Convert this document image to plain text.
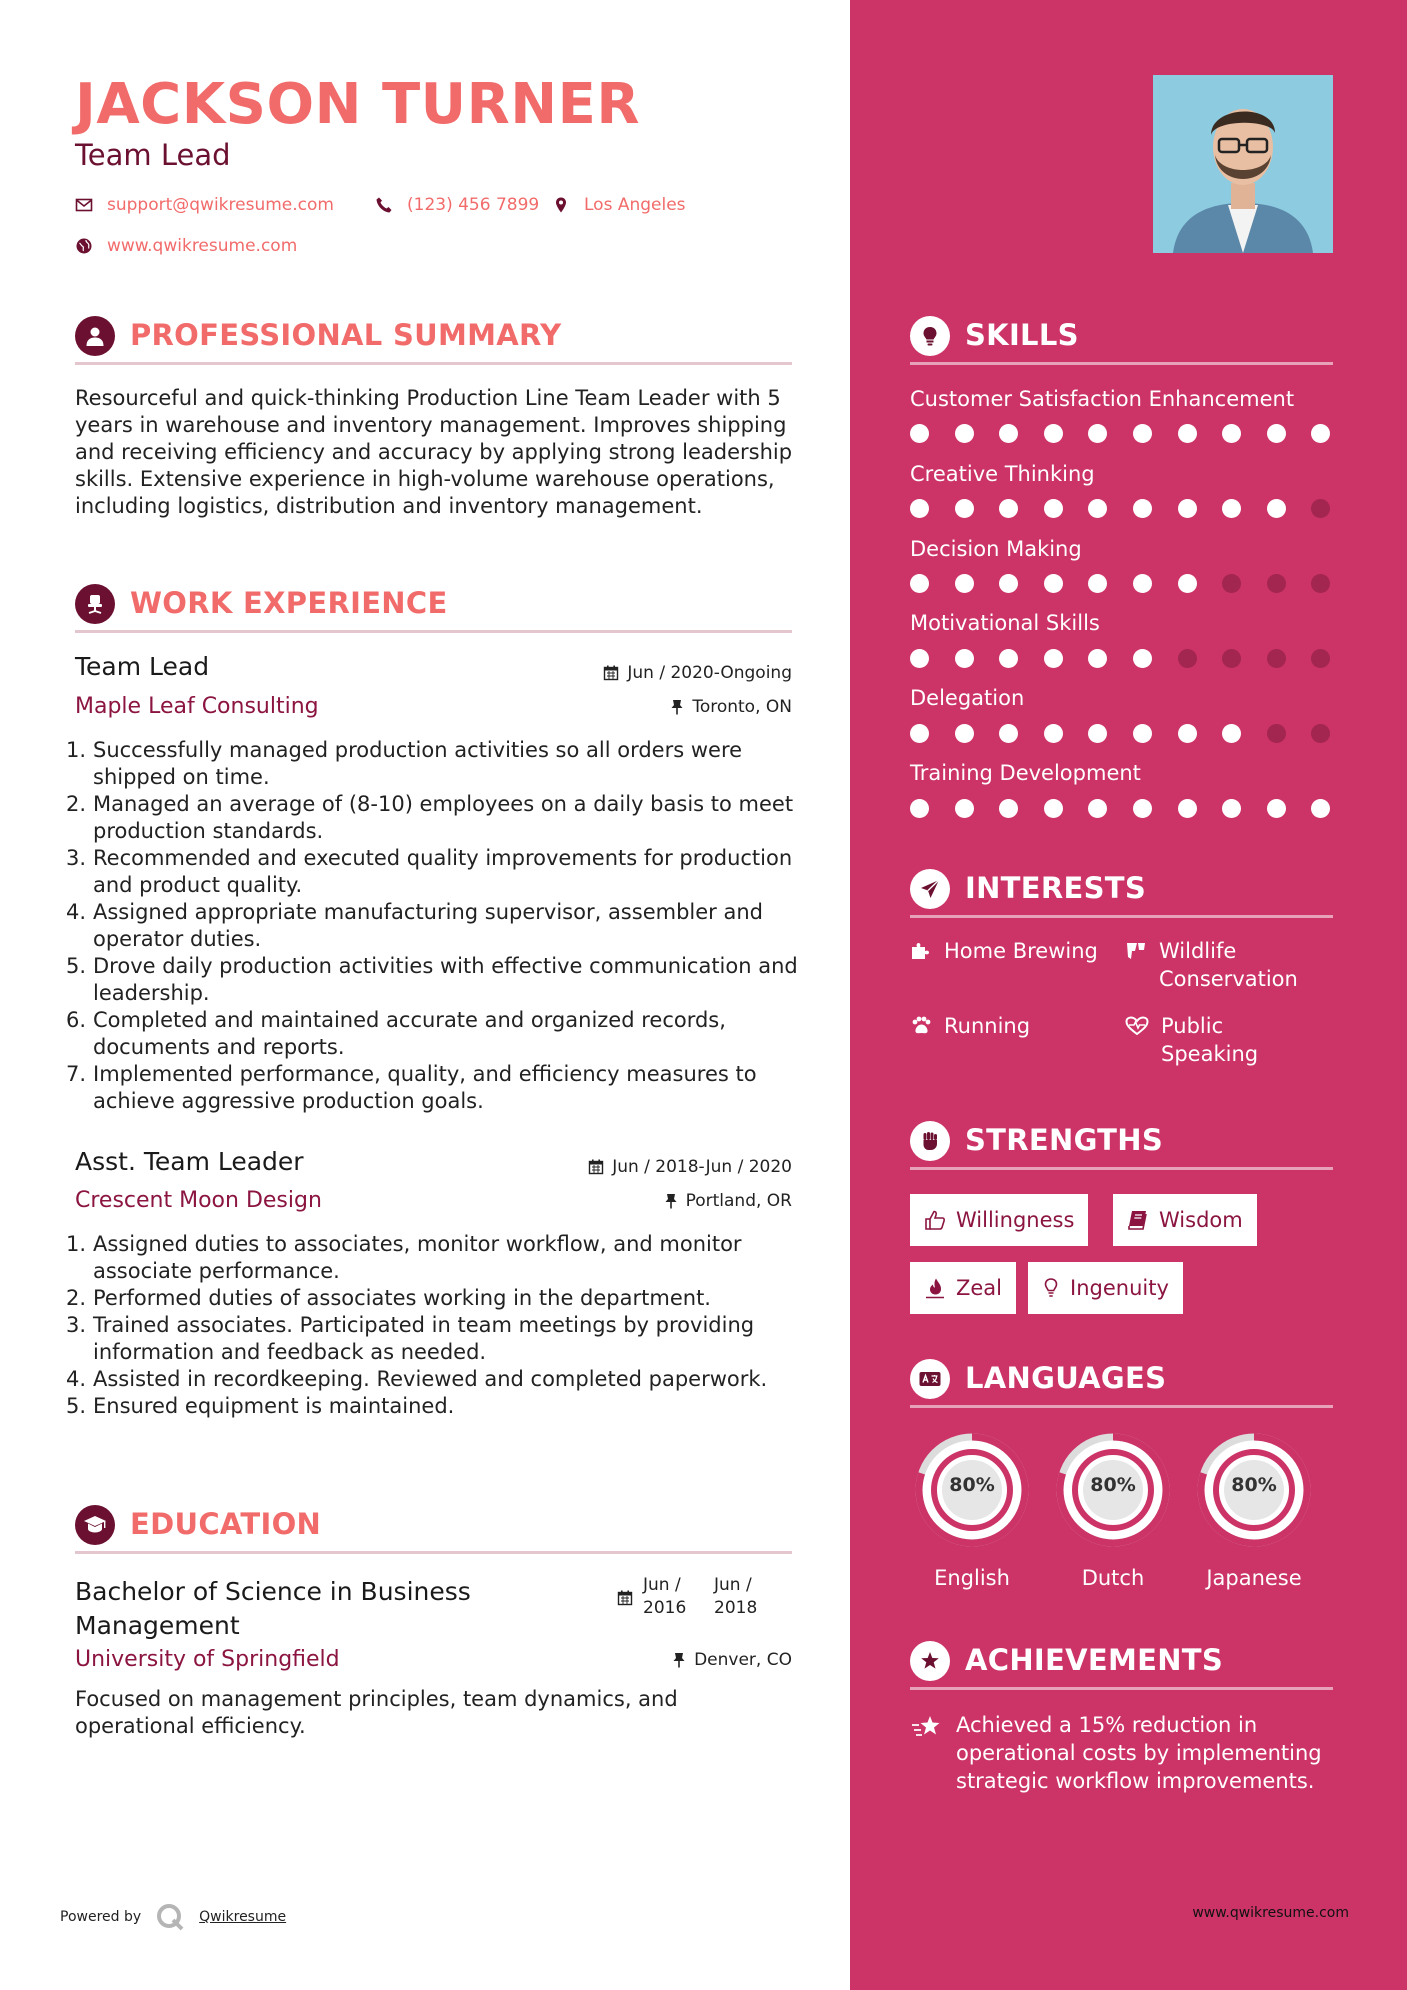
JACKSON TURNER
Team Lead
support@qwikresume.com	(123) 456 7899	Los Angeles
www.qwikresume.com
PROFESSIONAL SUMMARY
Resourceful and quick-thinking Production Line Team Leader with 5 years in warehouse and inventory management. Improves shipping and receiving efficiency and accuracy by applying strong leadership skills. Extensive experience in high-volume warehouse operations, including logistics, distribution and inventory management.
WORK EXPERIENCE
Team Lead	Jun / 2020-Ongoing
Maple Leaf Consulting	Toronto, ON
1. Successfully managed production activities so all orders were shipped on time.
2. Managed an average of (8-10) employees on a daily basis to meet production standards.
3. Recommended and executed quality improvements for production and product quality.
4. Assigned appropriate manufacturing supervisor, assembler and operator duties.
5. Drove daily production activities with effective communication and leadership.
6. Completed and maintained accurate and organized records, documents and reports.
7. Implemented performance, quality, and efficiency measures to achieve aggressive production goals.
Asst. Team Leader	Jun / 2018-Jun / 2020
Crescent Moon Design	Portland, OR
1. Assigned duties to associates, monitor workflow, and monitor associate performance.
2. Performed duties of associates working in the department.
3. Trained associates. Participated in team meetings by providing information and feedback as needed.
4. Assisted in recordkeeping. Reviewed and completed paperwork.
5. Ensured equipment is maintained.
EDUCATION
Bachelor of Science in Business
Management
Jun /
2016
Jun /
2018
University of Springfield	Denver, CO
Focused on management principles, team dynamics, and operational efficiency.
Powered by	Qwikresume
SKILLS
Customer Satisfaction Enhancement
Creative Thinking
Decision Making
Motivational Skills
Delegation
Training Development
INTERESTS
Home Brewing	Wildlife
Conservation
Running	Public
Speaking
STRENGTHS
Willingness	Wisdom
Zeal	Ingenuity
LANGUAGES
80%
English
80%
Dutch
80%
Japanese
ACHIEVEMENTS
Achieved a 15% reduction in operational costs by implementing strategic workflow improvements.
www.qwikresume.com
